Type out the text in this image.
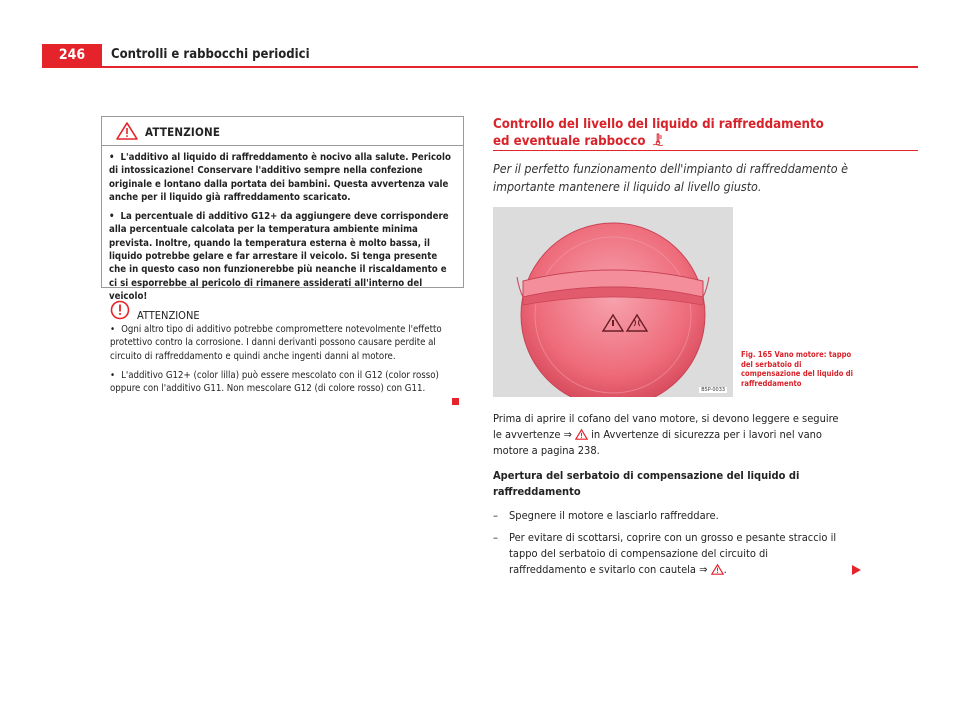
246	Controlli e rabbocchi periodici
ATTENZIONE

• L'additivo al liquido di raffreddamento è nocivo alla salute. Pericolo di intossicazione! Conservare l'additivo sempre nella confezione originale e lontano dalla portata dei bambini. Questa avvertenza vale anche per il liquido già raffreddamento scaricato.

• La percentuale di additivo G12+ da aggiungere deve corrispondere alla percentuale calcolata per la temperatura ambiente minima prevista. Inoltre, quando la temperatura esterna è molto bassa, il liquido potrebbe gelare e far arrestare il veicolo. Si tenga presente che in questo caso non funzionerebbe più neanche il riscaldamento e ci si esporrebbe al pericolo di rimanere assiderati all'interno del veicolo!

ATTENZIONE

• Ogni altro tipo di additivo potrebbe compromettere notevolmente l'effetto protettivo contro la corrosione. I danni derivanti possono causare perdite al circuito di raffreddamento e quindi anche ingenti danni al motore.

• L'additivo G12+ (color lilla) può essere mescolato con il G12 (color rosso) oppure con l'additivo G11. Non mescolare G12 (di colore rosso) con G11.

Controllo del livello del liquido di raffreddamento ed eventuale rabbocco
Per il perfetto funzionamento dell'impianto di raffreddamento è importante mantenere il liquido al livello giusto.
B5P-0033
Fig. 165 Vano motore: tappo del serbatoio di compensazione del liquido di raffreddamento
Prima di aprire il cofano del vano motore, si devono leggere e seguire le avvertenze ⇒  in Avvertenze di sicurezza per i lavori nel vano motore a pagina 238.
Apertura del serbatoio di compensazione del liquido di raffreddamento
– Spegnere il motore e lasciarlo raffreddare.
– Per evitare di scottarsi, coprire con un grosso e pesante straccio il tappo del serbatoio di compensazione del circuito di raffreddamento e svitarlo con cautela ⇒ .
